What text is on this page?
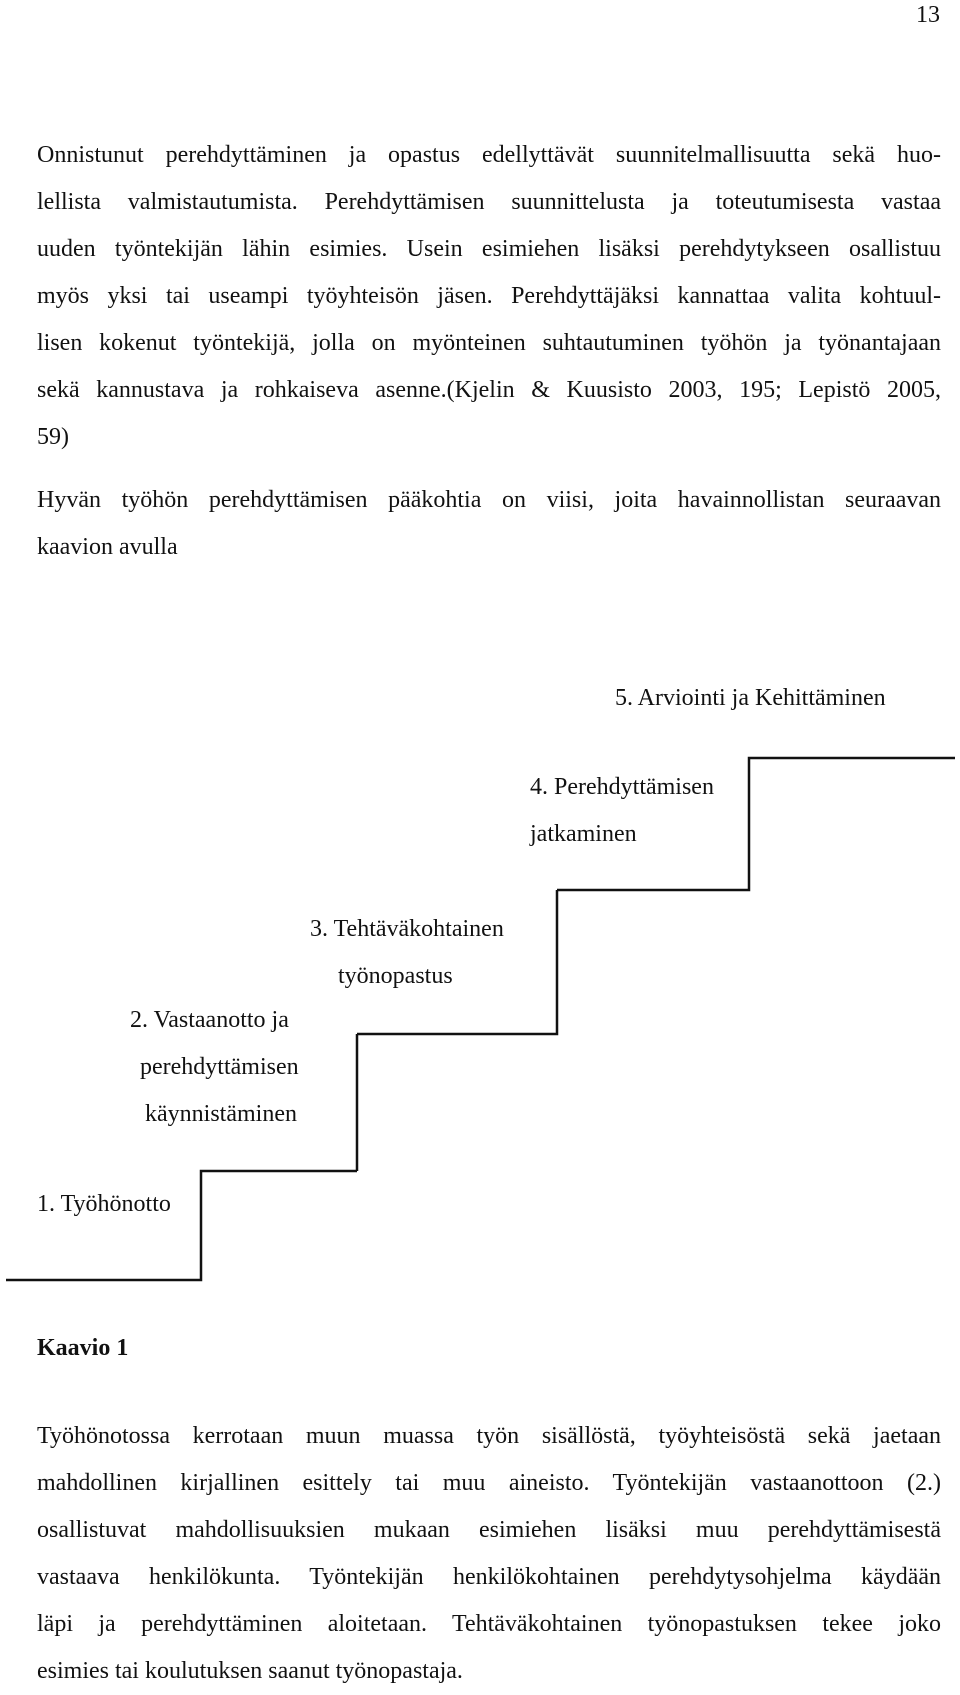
13

Onnistunut perehdyttäminen ja opastus edellyttävät suunnitelmallisuutta sekä huo-
lellista valmistautumista. Perehdyttämisen suunnittelusta ja toteutumisesta vastaa
uuden työntekijän lähin esimies. Usein esimiehen lisäksi perehdytykseen osallistuu
myös yksi tai useampi työyhteisön jäsen. Perehdyttäjäksi kannattaa valita kohtuul-
lisen kokenut työntekijä, jolla on myönteinen suhtautuminen työhön ja työnantajaan
sekä kannustava ja rohkaiseva asenne.(Kjelin & Kuusisto 2003, 195; Lepistö 2005,
59)

Hyvän työhön perehdyttämisen pääkohtia on viisi, joita havainnollistan seuraavan
kaavion avulla

5. Arviointi ja Kehittäminen
4. Perehdyttämisen
jatkaminen
3. Tehtäväkohtainen
työnopastus
2. Vastaanotto ja
perehdyttämisen
käynnistäminen
1. Työhönotto

Kaavio 1

Työhönotossa kerrotaan muun muassa työn sisällöstä, työyhteisöstä sekä jaetaan
mahdollinen kirjallinen esittely tai muu aineisto. Työntekijän vastaanottoon (2.)
osallistuvat mahdollisuuksien mukaan esimiehen lisäksi muu perehdyttämisestä
vastaava henkilökunta. Työntekijän henkilökohtainen perehdytysohjelma käydään
läpi ja perehdyttäminen aloitetaan. Tehtäväkohtainen työnopastuksen tekee joko
esimies tai koulutuksen saanut työnopastaja.
